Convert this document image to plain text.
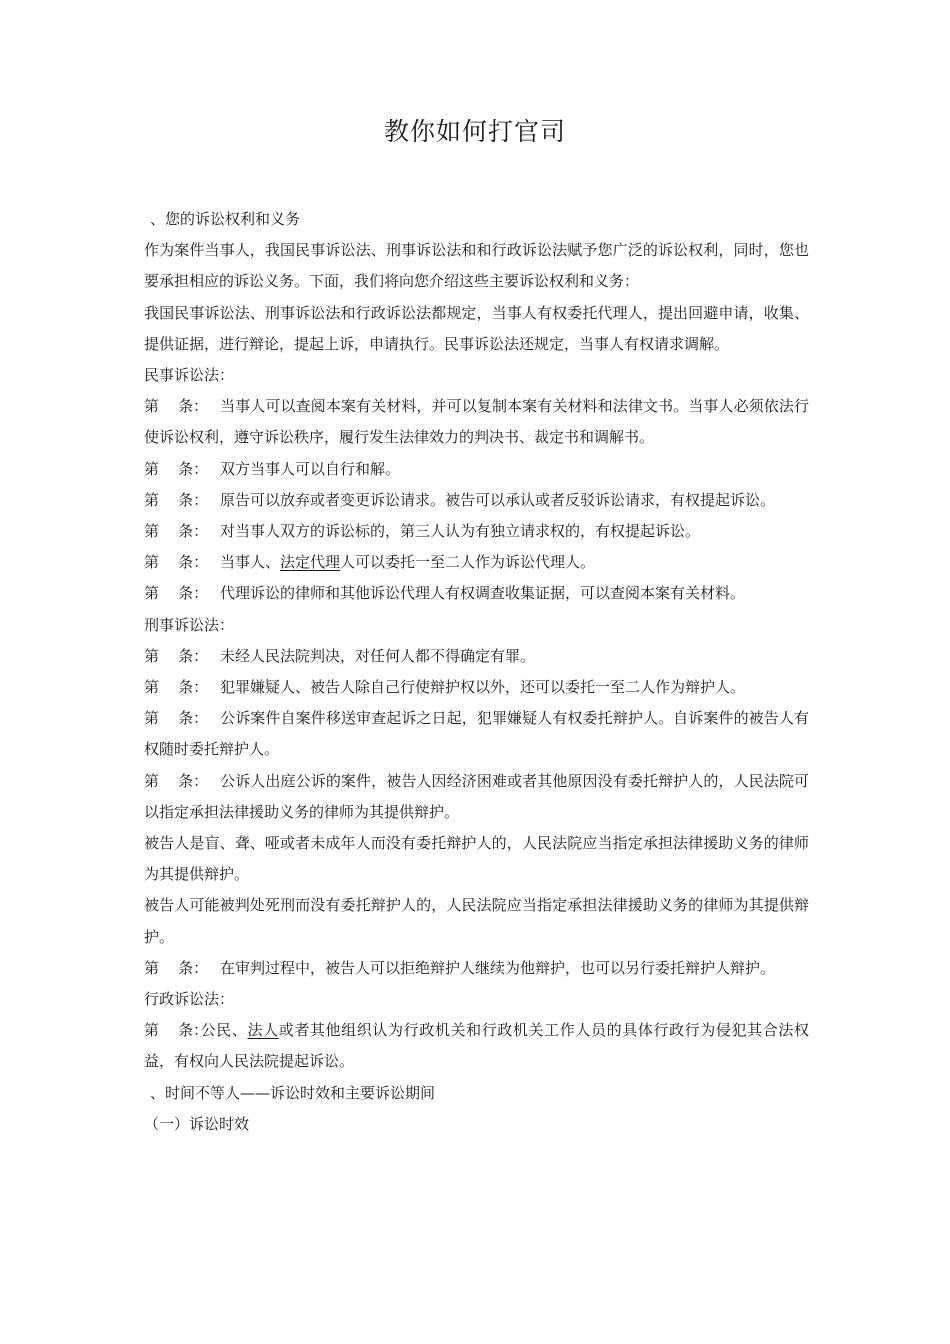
教你如何打官司

、您的诉讼权利和义务

作为案件当事人，我国民事诉讼法、刑事诉讼法和和行政诉讼法赋予您广泛的诉讼权利，同时，您也要承担相应的诉讼义务。下面，我们将向您介绍这些主要诉讼权利和义务：

我国民事诉讼法、刑事诉讼法和行政诉讼法都规定，当事人有权委托代理人，提出回避申请，收集、提供证据，进行辩论，提起上诉，申请执行。民事诉讼法还规定，当事人有权请求调解。

民事诉讼法：

第    条： 当事人可以查阅本案有关材料，并可以复制本案有关材料和法律文书。当事人必须依法行使诉讼权利，遵守诉讼秩序，履行发生法律效力的判决书、裁定书和调解书。

第    条： 双方当事人可以自行和解。

第    条： 原告可以放弃或者变更诉讼请求。被告可以承认或者反驳诉讼请求，有权提起诉讼。

第    条： 对当事人双方的诉讼标的，第三人认为有独立请求权的，有权提起诉讼。

第    条： 当事人、法定代理人可以委托一至二人作为诉讼代理人。

第    条： 代理诉讼的律师和其他诉讼代理人有权调查收集证据，可以查阅本案有关材料。

刑事诉讼法：

第    条： 未经人民法院判决，对任何人都不得确定有罪。

第    条： 犯罪嫌疑人、被告人除自己行使辩护权以外，还可以委托一至二人作为辩护人。

第    条： 公诉案件自案件移送审查起诉之日起，犯罪嫌疑人有权委托辩护人。自诉案件的被告人有权随时委托辩护人。

第    条： 公诉人出庭公诉的案件，被告人因经济困难或者其他原因没有委托辩护人的，人民法院可以指定承担法律援助义务的律师为其提供辩护。

被告人是盲、聋、哑或者未成年人而没有委托辩护人的，人民法院应当指定承担法律援助义务的律师为其提供辩护。

被告人可能被判处死刑而没有委托辩护人的，人民法院应当指定承担法律援助义务的律师为其提供辩护。

第    条： 在审判过程中，被告人可以拒绝辩护人继续为他辩护，也可以另行委托辩护人辩护。

行政诉讼法：

第    条：公民、法人或者其他组织认为行政机关和行政机关工作人员的具体行政行为侵犯其合法权益，有权向人民法院提起诉讼。

、时间不等人——诉讼时效和主要诉讼期间

（一）诉讼时效
